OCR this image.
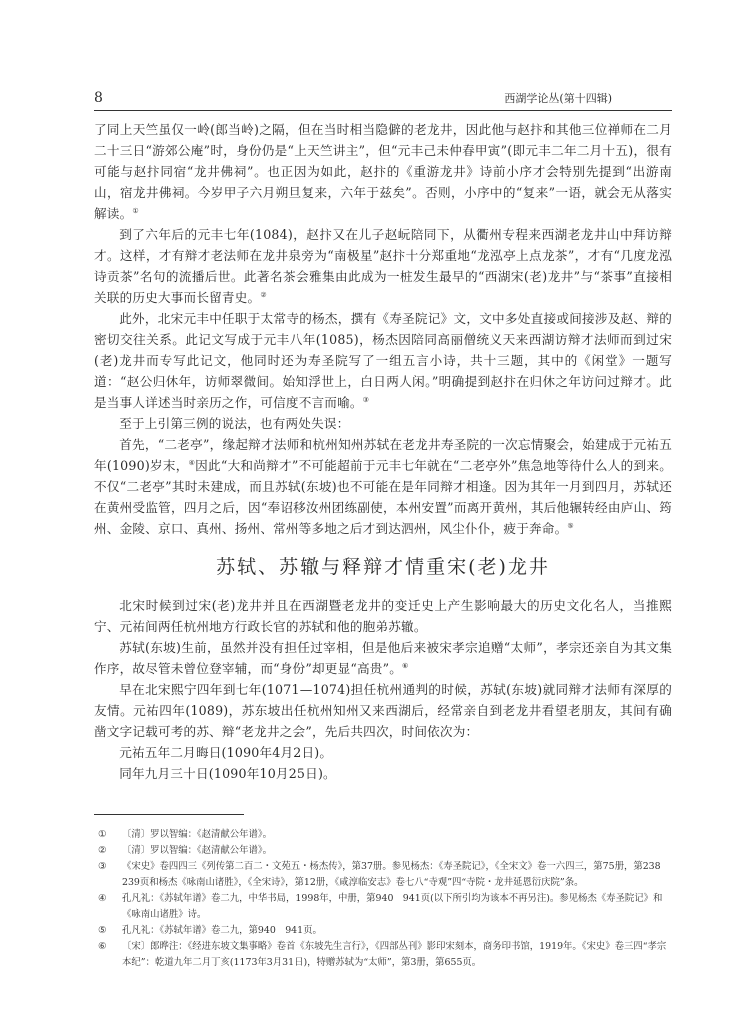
8	西湖学论丛(第十四辑)

了同上天竺虽仅一岭(郎当岭)之隔，但在当时相当隐僻的老龙井，因此他与赵抃和其他三位禅师在二月二十三日“游郊公庵”时，身份仍是“上天竺讲主”，但“元丰己未仲春甲寅”(即元丰二年二月十五)，很有可能与赵抃同宿“龙井佛祠”。也正因为如此，赵抃的《重游龙井》诗前小序才会特别先提到“出游南山，宿龙井佛祠。今岁甲子六月朔旦复来，六年于兹矣”。否则，小序中的“复来”一语，就会无从落实解读。①

到了六年后的元丰七年(1084)，赵抃又在儿子赵岏陪同下，从衢州专程来西湖老龙井山中拜访辩才。这样，才有辩才老法师在龙井泉旁为“南极星”赵抃十分郑重地“龙泓亭上点龙茶”，才有“几度龙泓诗贡茶”名句的流播后世。此著名茶会雅集由此成为一桩发生最早的“西湖宋(老)龙井”与“茶事”直接相关联的历史大事而长留青史。②

此外，北宋元丰中任职于太常寺的杨杰，撰有《寿圣院记》文，文中多处直接或间接涉及赵、辩的密切交往关系。此记文写成于元丰八年(1085)，杨杰因陪同高丽僧统义天来西湖访辩才法师而到过宋(老)龙井而专写此记文，他同时还为寿圣院写了一组五言小诗，共十三题，其中的《闲堂》一题写道：“赵公归休年，访师翠微间。始知浮世上，白日两人闲。”明确提到赵抃在归休之年访问过辩才。此是当事人详述当时亲历之作，可信度不言而喻。③

至于上引第三例的说法，也有两处失误：

首先，“二老亭”，缘起辩才法师和杭州知州苏轼在老龙井寿圣院的一次忘情聚会，始建成于元祐五年(1090)岁末，④因此“大和尚辩才”不可能超前于元丰七年就在“二老亭外”焦急地等待什么人的到来。不仅“二老亭”其时未建成，而且苏轼(东坡)也不可能在是年同辩才相逢。因为其年一月到四月，苏轼还在黄州受监管，四月之后，因“奉诏移汝州团练副使，本州安置”而离开黄州，其后他辗转经由庐山、筠州、金陵、京口、真州、扬州、常州等多地之后才到达泗州，风尘仆仆，疲于奔命。⑤

苏轼、苏辙与释辩才情重宋(老)龙井

北宋时候到过宋(老)龙井并且在西湖暨老龙井的变迁史上产生影响最大的历史文化名人，当推熙宁、元祐间两任杭州地方行政长官的苏轼和他的胞弟苏辙。

苏轼(东坡)生前，虽然并没有担任过宰相，但是他后来被宋孝宗追赠“太师”，孝宗还亲自为其文集作序，故尽管未曾位登宰辅，而“身份”却更显“高贵”。⑥

早在北宋熙宁四年到七年(1071—1074)担任杭州通判的时候，苏轼(东坡)就同辩才法师有深厚的友情。元祐四年(1089)，苏东坡出任杭州知州又来西湖后，经常亲自到老龙井看望老朋友，其间有确凿文字记载可考的苏、辩“老龙井之会”，先后共四次，时间依次为：

元祐五年二月晦日(1090年4月2日)。

同年九月三十日(1090年10月25日)。

①	〔清〕罗以智编：《赵清献公年谱》。
②	〔清〕罗以智编：《赵清献公年谱》。
③	《宋史》卷四四三《列传第二百二・文苑五・杨杰传》，第37册。参见杨杰：《寿圣院记》，《全宋文》卷一六四三，第75册，第238　239页和杨杰《咏南山诸胜》，《全宋诗》，第12册，《咸淳临安志》卷七八“寺观”四“寺院・龙井延恩衍庆院”条。
④	孔凡礼：《苏轼年谱》卷二九，中华书局，1998年，中册，第940　941页(以下所引均为该本不再另注)。参见杨杰《寿圣院记》和《咏南山诸胜》诗。
⑤	孔凡礼：《苏轼年谱》卷二九，第940　941页。
⑥	〔宋〕郎晔注：《经进东坡文集事略》卷首《东坡先生言行》，《四部丛刊》影印宋刻本，商务印书馆，1919年。《宋史》卷三四“孝宗本纪”：乾道九年二月丁亥(1173年3月31日)，特赠苏轼为“太师”，第3册，第655页。
